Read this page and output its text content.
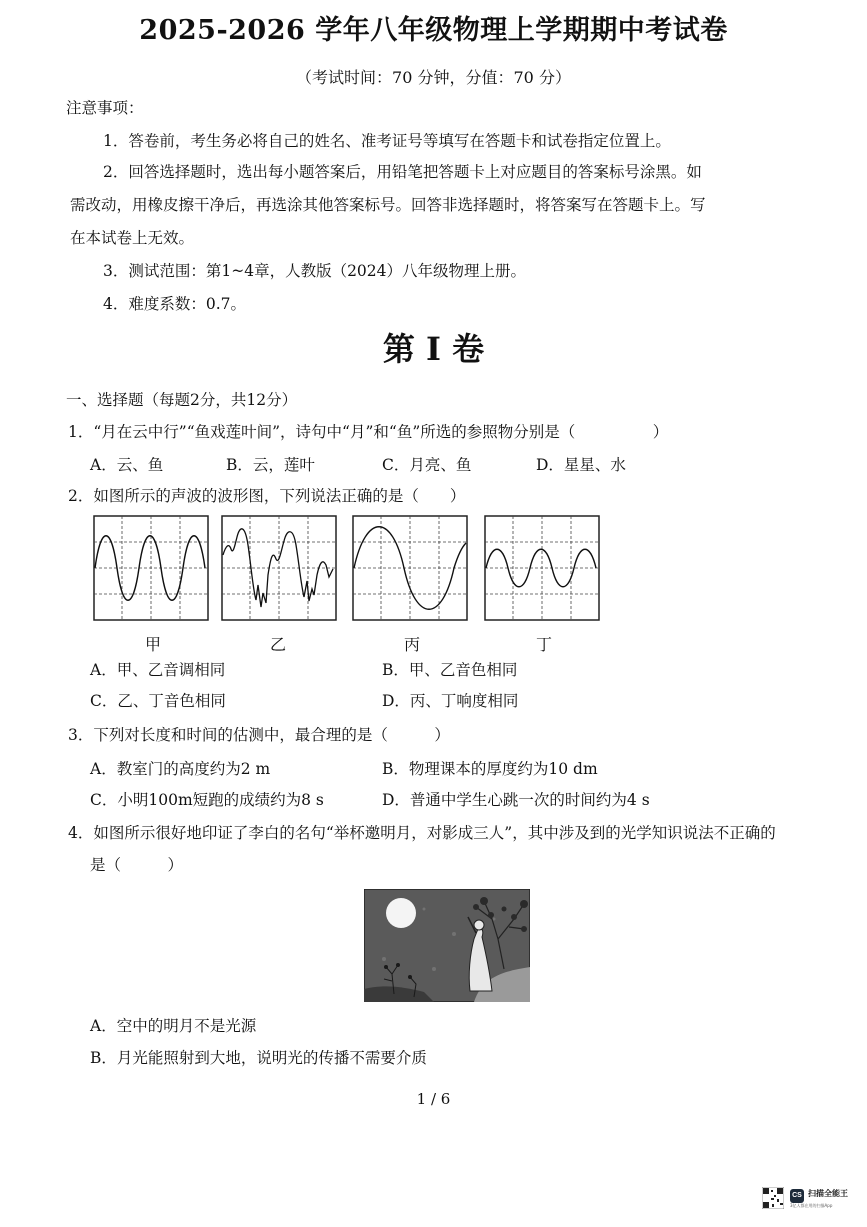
2025-2026 学年八年级物理上学期期中考试卷
（考试时间：70 分钟，分值：70 分）
注意事项：
1．答卷前，考生务必将自己的姓名、准考证号等填写在答题卡和试卷指定位置上。
2．回答选择题时，选出每小题答案后，用铅笔把答题卡上对应题目的答案标号涂黑。如
需改动，用橡皮擦干净后，再选涂其他答案标号。回答非选择题时，将答案写在答题卡上。写
在本试卷上无效。
3．测试范围：第1~4章，人教版（2024）八年级物理上册。
4．难度系数：0.7。
第 I 卷
一、选择题（每题2分，共12分）
1．“月在云中行”“鱼戏莲叶间”，诗句中“月”和“鱼”所选的参照物分别是（　　　　　）
A．云、鱼	B．云，莲叶	C．月亮、鱼	D．星星、水
2．如图所示的声波的波形图，下列说法正确的是（　　）
甲	乙	丙	丁
A．甲、乙音调相同	B．甲、乙音色相同
C．乙、丁音色相同	D．丙、丁响度相同
3．下列对长度和时间的估测中，最合理的是（　　　）
A．教室门的高度约为2 m	B．物理课本的厚度约为10 dm
C．小明100m短跑的成绩约为8 s	D．普通中学生心跳一次的时间约为4 s
4．如图所示很好地印证了李白的名句“举杯邀明月，对影成三人”，其中涉及到的光学知识说法不正确的
是（　　　）
A．空中的明月不是光源
B．月光能照射到大地，说明光的传播不需要介质
1 / 6
CS 扫描全能王
3亿人都在用的扫描App
